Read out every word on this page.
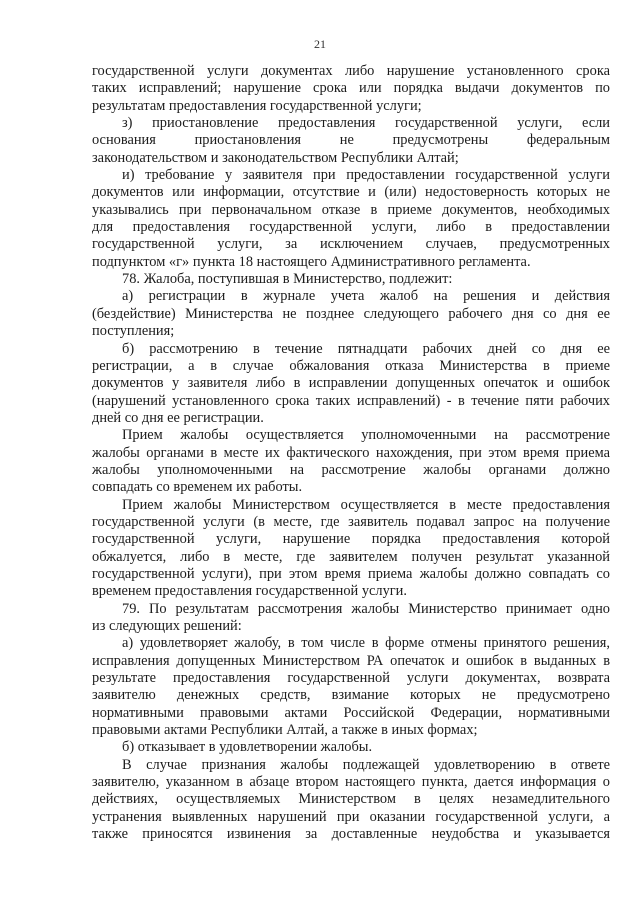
21

государственной услуги документах либо нарушение установленного срока

таких исправлений; нарушение срока или порядка выдачи документов по

результатам предоставления государственной услуги;

з) приостановление предоставления государственной услуги, если

основания приостановления не предусмотрены федеральным

законодательством и законодательством Республики Алтай;

и) требование у заявителя при предоставлении государственной услуги

документов или информации, отсутствие и (или) недостоверность которых не

указывались при первоначальном отказе в приеме документов, необходимых

для предоставления государственной услуги, либо в предоставлении

государственной услуги, за исключением случаев, предусмотренных

подпунктом «г» пункта 18 настоящего Административного регламента.

78. Жалоба, поступившая в Министерство, подлежит:

а) регистрации в журнале учета жалоб на решения и действия

(бездействие) Министерства не позднее следующего рабочего дня со дня ее

поступления;

б) рассмотрению в течение пятнадцати рабочих дней со дня ее

регистрации, а в случае обжалования отказа Министерства в приеме

документов у заявителя либо в исправлении допущенных опечаток и ошибок

(нарушений установленного срока таких исправлений) - в течение пяти рабочих

дней со дня ее регистрации.

Прием жалобы осуществляется уполномоченными на рассмотрение

жалобы органами в месте их фактического нахождения, при этом время приема

жалобы уполномоченными на рассмотрение жалобы органами должно

совпадать со временем их работы.

Прием жалобы Министерством осуществляется в месте предоставления

государственной услуги (в месте, где заявитель подавал запрос на получение

государственной услуги, нарушение порядка предоставления которой

обжалуется, либо в месте, где заявителем получен результат указанной

государственной услуги), при этом время приема жалобы должно совпадать со

временем предоставления государственной услуги.

79. По результатам рассмотрения жалобы Министерство принимает одно

из следующих решений:

а) удовлетворяет жалобу, в том числе в форме отмены принятого решения,

исправления допущенных Министерством РА опечаток и ошибок в выданных в

результате предоставления государственной услуги документах, возврата

заявителю денежных средств, взимание которых не предусмотрено

нормативными правовыми актами Российской Федерации, нормативными

правовыми актами Республики Алтай, а также в иных формах;

б) отказывает в удовлетворении жалобы.

В случае признания жалобы подлежащей удовлетворению в ответе

заявителю, указанном в абзаце втором настоящего пункта, дается информация о

действиях, осуществляемых Министерством в целях незамедлительного

устранения выявленных нарушений при оказании государственной услуги, а

также приносятся извинения за доставленные неудобства и указывается
